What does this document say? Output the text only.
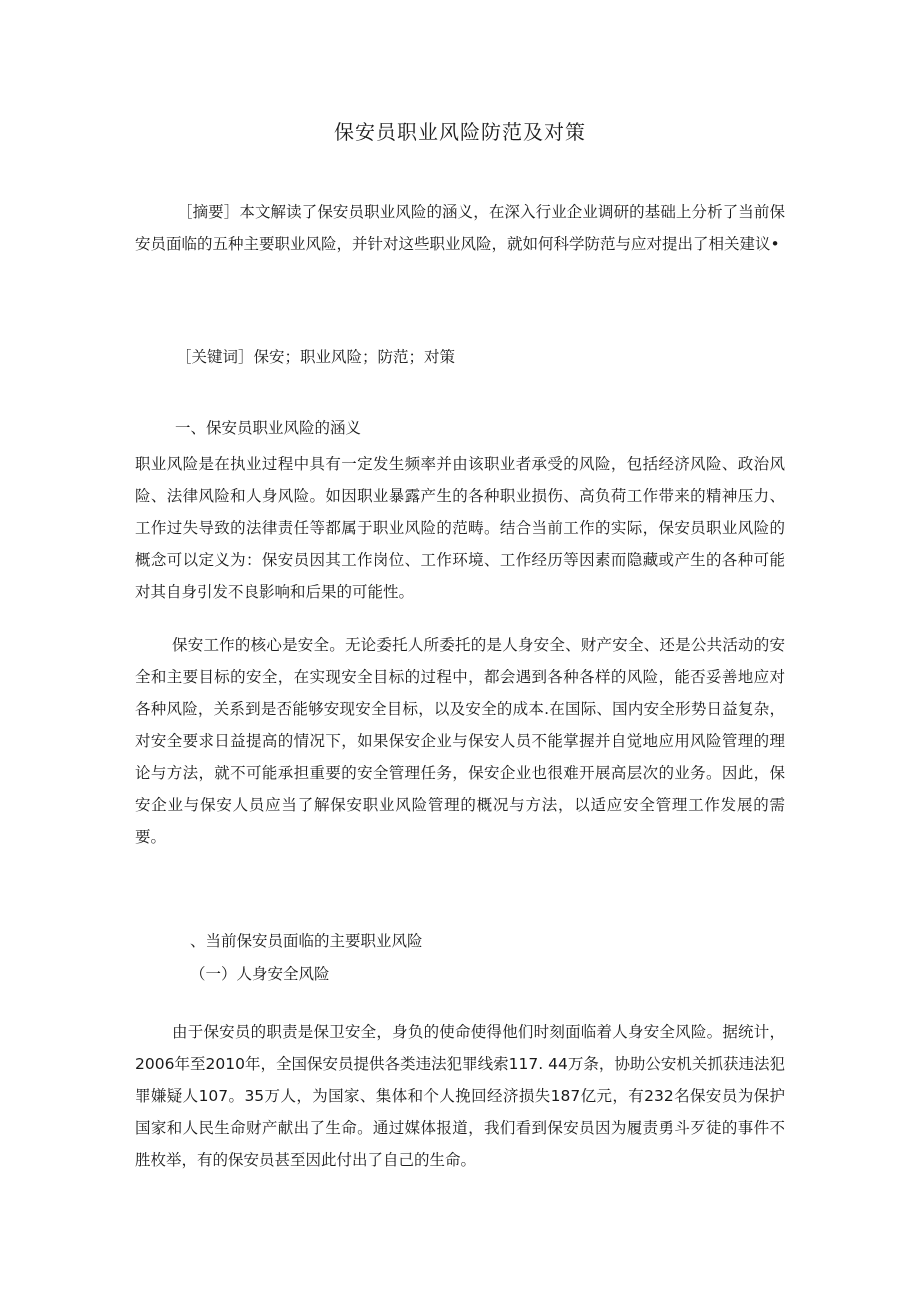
保安员职业风险防范及对策

［摘要］本文解读了保安员职业风险的涵义，在深入行业企业调研的基础上分析了当前保安员面临的五种主要职业风险，并针对这些职业风险，就如何科学防范与应对提出了相关建议•

［关键词］保安；职业风险；防范；对策

一、保安员职业风险的涵义

职业风险是在执业过程中具有一定发生频率并由该职业者承受的风险，包括经济风险、政治风险、法律风险和人身风险。如因职业暴露产生的各种职业损伤、高负荷工作带来的精神压力、工作过失导致的法律责任等都属于职业风险的范畴。结合当前工作的实际，保安员职业风险的概念可以定义为：保安员因其工作岗位、工作环境、工作经历等因素而隐藏或产生的各种可能对其自身引发不良影响和后果的可能性。

保安工作的核心是安全。无论委托人所委托的是人身安全、财产安全、还是公共活动的安全和主要目标的安全，在实现安全目标的过程中，都会遇到各种各样的风险，能否妥善地应对各种风险，关系到是否能够安现安全目标，以及安全的成本.在国际、国内安全形势日益复杂，对安全要求日益提高的情况下，如果保安企业与保安人员不能掌握并自觉地应用风险管理的理论与方法，就不可能承担重要的安全管理任务，保安企业也很难开展高层次的业务。因此，保安企业与保安人员应当了解保安职业风险管理的概况与方法，以适应安全管理工作发展的需要。

、当前保安员面临的主要职业风险

（一）人身安全风险

由于保安员的职责是保卫安全，身负的使命使得他们时刻面临着人身安全风险。据统计，2006年至2010年，全国保安员提供各类违法犯罪线索117. 44万条，协助公安机关抓获违法犯罪嫌疑人107。35万人，为国家、集体和个人挽回经济损失187亿元，有232名保安员为保护国家和人民生命财产献出了生命。通过媒体报道，我们看到保安员因为履责勇斗歹徒的事件不胜枚举，有的保安员甚至因此付出了自己的生命。
